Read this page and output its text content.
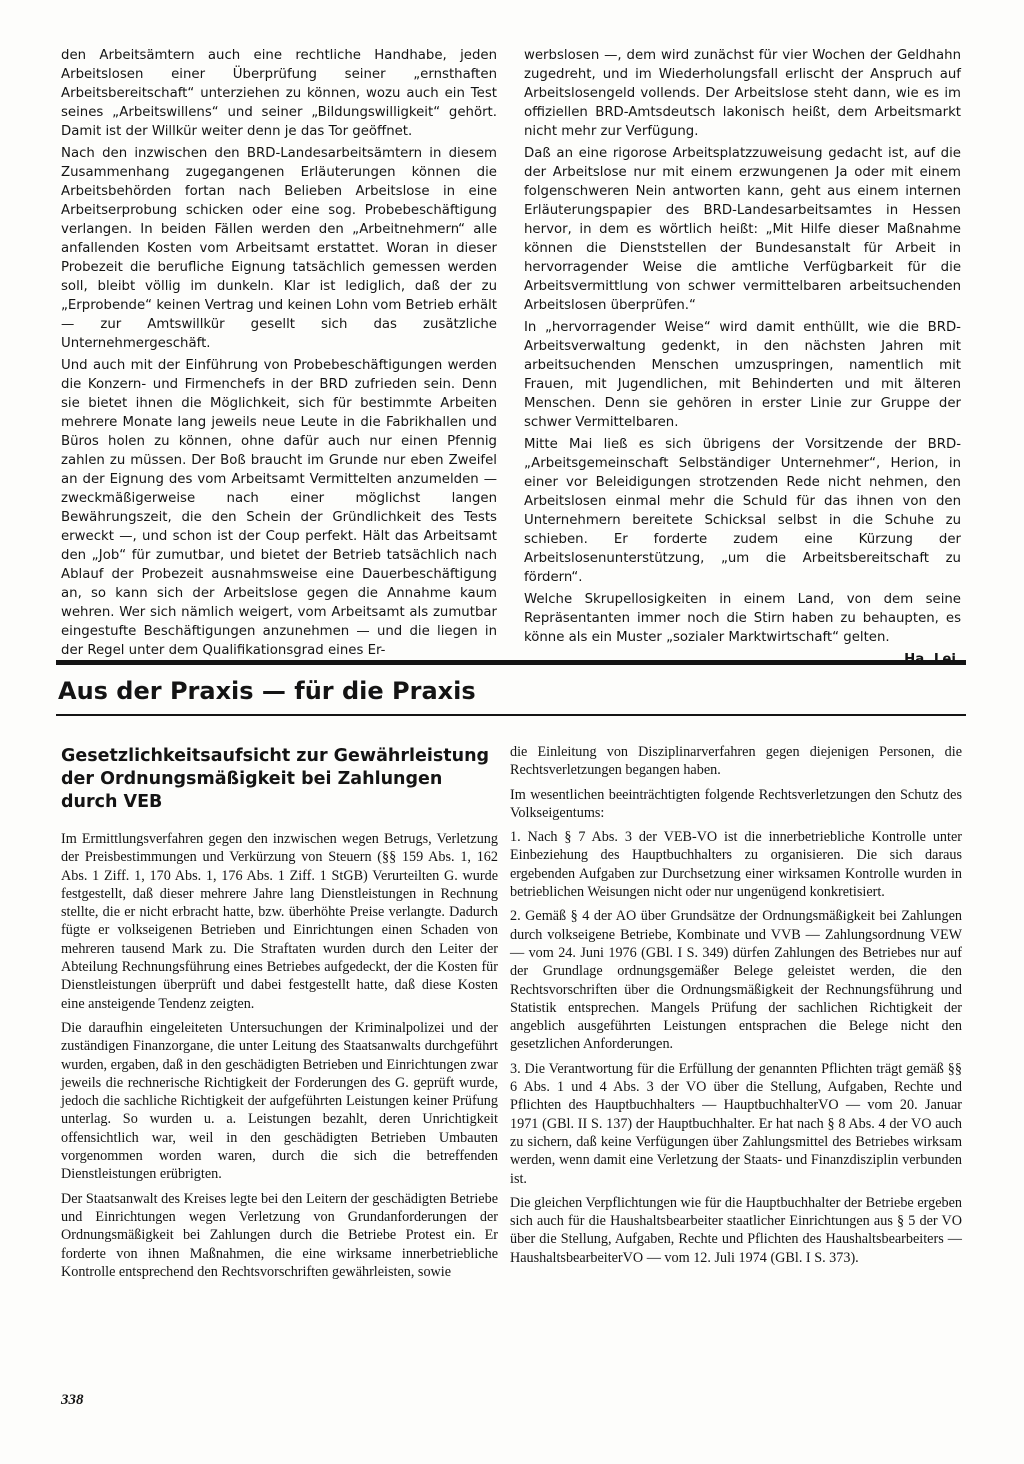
den Arbeitsämtern auch eine rechtliche Handhabe, jeden Arbeitslosen einer Überprüfung seiner „ernsthaften Arbeitsbereitschaft“ unterziehen zu können, wozu auch ein Test seines „Arbeitswillens“ und seiner „Bildungswilligkeit“ gehört. Damit ist der Willkür weiter denn je das Tor geöffnet.

Nach den inzwischen den BRD-Landesarbeitsämtern in diesem Zusammenhang zugegangenen Erläuterungen können die Arbeitsbehörden fortan nach Belieben Arbeitslose in eine Arbeitserprobung schicken oder eine sog. Probebeschäftigung verlangen. In beiden Fällen werden den „Arbeitnehmern“ alle anfallenden Kosten vom Arbeitsamt erstattet. Woran in dieser Probezeit die berufliche Eignung tatsächlich gemessen werden soll, bleibt völlig im dunkeln. Klar ist lediglich, daß der zu „Erprobende“ keinen Vertrag und keinen Lohn vom Betrieb erhält — zur Amtswillkür gesellt sich das zusätzliche Unternehmergeschäft.

Und auch mit der Einführung von Probebeschäftigungen werden die Konzern- und Firmenchefs in der BRD zufrieden sein. Denn sie bietet ihnen die Möglichkeit, sich für bestimmte Arbeiten mehrere Monate lang jeweils neue Leute in die Fabrikhallen und Büros holen zu können, ohne dafür auch nur einen Pfennig zahlen zu müssen. Der Boß braucht im Grunde nur eben Zweifel an der Eignung des vom Arbeitsamt Vermittelten anzumelden — zweckmäßigerweise nach einer möglichst langen Bewährungszeit, die den Schein der Gründlichkeit des Tests erweckt —, und schon ist der Coup perfekt. Hält das Arbeitsamt den „Job“ für zumutbar, und bietet der Betrieb tatsächlich nach Ablauf der Probezeit ausnahmsweise eine Dauerbeschäftigung an, so kann sich der Arbeitslose gegen die Annahme kaum wehren. Wer sich nämlich weigert, vom Arbeitsamt als zumutbar eingestufte Beschäftigungen anzunehmen — und die liegen in der Regel unter dem Qualifikationsgrad eines Er-

werbslosen —, dem wird zunächst für vier Wochen der Geldhahn zugedreht, und im Wiederholungsfall erlischt der Anspruch auf Arbeitslosengeld vollends. Der Arbeitslose steht dann, wie es im offiziellen BRD-Amtsdeutsch lakonisch heißt, dem Arbeitsmarkt nicht mehr zur Verfügung.

Daß an eine rigorose Arbeitsplatzzuweisung gedacht ist, auf die der Arbeitslose nur mit einem erzwungenen Ja oder mit einem folgenschweren Nein antworten kann, geht aus einem internen Erläuterungspapier des BRD-Landesarbeitsamtes in Hessen hervor, in dem es wörtlich heißt: „Mit Hilfe dieser Maßnahme können die Dienststellen der Bundesanstalt für Arbeit in hervorragender Weise die amtliche Verfügbarkeit für die Arbeitsvermittlung von schwer vermittelbaren arbeitsuchenden Arbeitslosen überprüfen.“

In „hervorragender Weise“ wird damit enthüllt, wie die BRD-Arbeitsverwaltung gedenkt, in den nächsten Jahren mit arbeitsuchenden Menschen umzuspringen, namentlich mit Frauen, mit Jugendlichen, mit Behinderten und mit älteren Menschen. Denn sie gehören in erster Linie zur Gruppe der schwer Vermittelbaren.

Mitte Mai ließ es sich übrigens der Vorsitzende der BRD-„Arbeitsgemeinschaft Selbständiger Unternehmer“, Herion, in einer vor Beleidigungen strotzenden Rede nicht nehmen, den Arbeitslosen einmal mehr die Schuld für das ihnen von den Unternehmern bereitete Schicksal selbst in die Schuhe zu schieben. Er forderte zudem eine Kürzung der Arbeitslosenunterstützung, „um die Arbeitsbereitschaft zu fördern“.

Welche Skrupellosigkeiten in einem Land, von dem seine Repräsentanten immer noch die Stirn haben zu behaupten, es könne als ein Muster „sozialer Marktwirtschaft“ gelten.

Ha. Lei.
Aus der Praxis — für die Praxis
Gesetzlichkeitsaufsicht zur Gewährleistung der Ordnungsmäßigkeit bei Zahlungen durch VEB

Im Ermittlungsverfahren gegen den inzwischen wegen Betrugs, Verletzung der Preisbestimmungen und Verkürzung von Steuern (§§ 159 Abs. 1, 162 Abs. 1 Ziff. 1, 170 Abs. 1, 176 Abs. 1 Ziff. 1 StGB) Verurteilten G. wurde festgestellt, daß dieser mehrere Jahre lang Dienstleistungen in Rechnung stellte, die er nicht erbracht hatte, bzw. überhöhte Preise verlangte. Dadurch fügte er volkseigenen Betrieben und Einrichtungen einen Schaden von mehreren tausend Mark zu. Die Straftaten wurden durch den Leiter der Abteilung Rechnungsführung eines Betriebes aufgedeckt, der die Kosten für Dienstleistungen überprüft und dabei festgestellt hatte, daß diese Kosten eine ansteigende Tendenz zeigten.

Die daraufhin eingeleiteten Untersuchungen der Kriminalpolizei und der zuständigen Finanzorgane, die unter Leitung des Staatsanwalts durchgeführt wurden, ergaben, daß in den geschädigten Betrieben und Einrichtungen zwar jeweils die rechnerische Richtigkeit der Forderungen des G. geprüft wurde, jedoch die sachliche Richtigkeit der aufgeführten Leistungen keiner Prüfung unterlag. So wurden u. a. Leistungen bezahlt, deren Unrichtigkeit offensichtlich war, weil in den geschädigten Betrieben Umbauten vorgenommen worden waren, durch die sich die betreffenden Dienstleistungen erübrigten.

Der Staatsanwalt des Kreises legte bei den Leitern der geschädigten Betriebe und Einrichtungen wegen Verletzung von Grundanforderungen der Ordnungsmäßigkeit bei Zahlungen durch die Betriebe Protest ein. Er forderte von ihnen Maßnahmen, die eine wirksame innerbetriebliche Kontrolle entsprechend den Rechtsvorschriften gewährleisten, sowie

die Einleitung von Disziplinarverfahren gegen diejenigen Personen, die Rechtsverletzungen begangen haben.

Im wesentlichen beeinträchtigten folgende Rechtsverletzungen den Schutz des Volkseigentums:

1. Nach § 7 Abs. 3 der VEB-VO ist die innerbetriebliche Kontrolle unter Einbeziehung des Hauptbuchhalters zu organisieren. Die sich daraus ergebenden Aufgaben zur Durchsetzung einer wirksamen Kontrolle wurden in betrieblichen Weisungen nicht oder nur ungenügend konkretisiert.

2. Gemäß § 4 der AO über Grundsätze der Ordnungsmäßigkeit bei Zahlungen durch volkseigene Betriebe, Kombinate und VVB — Zahlungsordnung VEW — vom 24. Juni 1976 (GBl. I S. 349) dürfen Zahlungen des Betriebes nur auf der Grundlage ordnungsgemäßer Belege geleistet werden, die den Rechtsvorschriften über die Ordnungsmäßigkeit der Rechnungsführung und Statistik entsprechen. Mangels Prüfung der sachlichen Richtigkeit der angeblich ausgeführten Leistungen entsprachen die Belege nicht den gesetzlichen Anforderungen.

3. Die Verantwortung für die Erfüllung der genannten Pflichten trägt gemäß §§ 6 Abs. 1 und 4 Abs. 3 der VO über die Stellung, Aufgaben, Rechte und Pflichten des Hauptbuchhalters — HauptbuchhalterVO — vom 20. Januar 1971 (GBl. II S. 137) der Hauptbuchhalter. Er hat nach § 8 Abs. 4 der VO auch zu sichern, daß keine Verfügungen über Zahlungsmittel des Betriebes wirksam werden, wenn damit eine Verletzung der Staats- und Finanzdisziplin verbunden ist.

Die gleichen Verpflichtungen wie für die Hauptbuchhalter der Betriebe ergeben sich auch für die Haushaltsbearbeiter staatlicher Einrichtungen aus § 5 der VO über die Stellung, Aufgaben, Rechte und Pflichten des Haushaltsbearbeiters — HaushaltsbearbeiterVO — vom 12. Juli 1974 (GBl. I S. 373).

338
